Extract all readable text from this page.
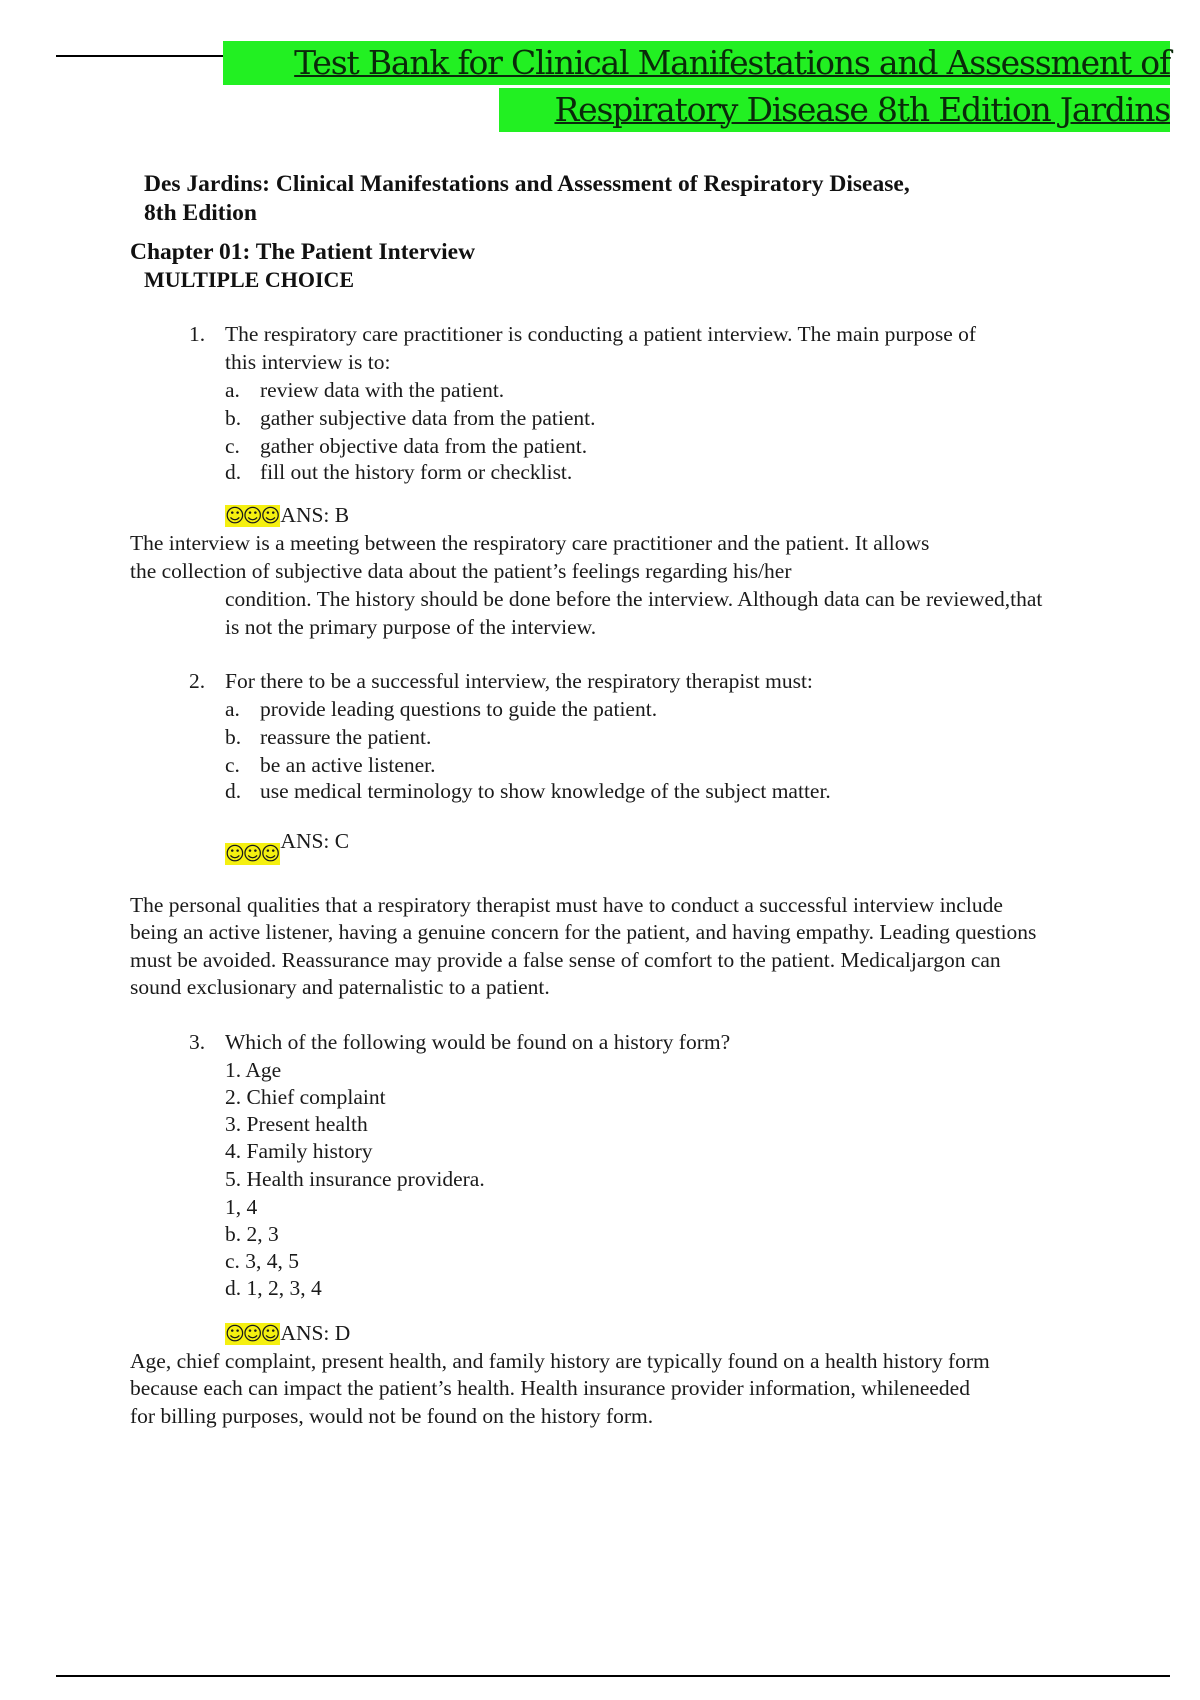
Test Bank for Clinical Manifestations and Assessment of
Respiratory Disease 8th Edition Jardins
Des Jardins: Clinical Manifestations and Assessment of Respiratory Disease,
8th Edition
Chapter 01: The Patient Interview
MULTIPLE CHOICE
1. The respiratory care practitioner is conducting a patient interview. The main purpose of
this interview is to:
a. review data with the patient.
b. gather subjective data from the patient.
c. gather objective data from the patient.
d. fill out the history form or checklist.
☺☺☺ANS: B
The interview is a meeting between the respiratory care practitioner and the patient. It allows
the collection of subjective data about the patient’s feelings regarding his/her
condition. The history should be done before the interview. Although data can be reviewed,that
is not the primary purpose of the interview.
2. For there to be a successful interview, the respiratory therapist must:
a. provide leading questions to guide the patient.
b. reassure the patient.
c. be an active listener.
d. use medical terminology to show knowledge of the subject matter.
☺☺☺ANS: C
The personal qualities that a respiratory therapist must have to conduct a successful interview include
being an active listener, having a genuine concern for the patient, and having empathy. Leading questions
must be avoided. Reassurance may provide a false sense of comfort to the patient. Medicaljargon can
sound exclusionary and paternalistic to a patient.
3. Which of the following would be found on a history form?
1. Age
2. Chief complaint
3. Present health
4. Family history
5. Health insurance providera.
1, 4
b. 2, 3
c. 3, 4, 5
d. 1, 2, 3, 4
☺☺☺ANS: D
Age, chief complaint, present health, and family history are typically found on a health history form
because each can impact the patient’s health. Health insurance provider information, whileneeded
for billing purposes, would not be found on the history form.
